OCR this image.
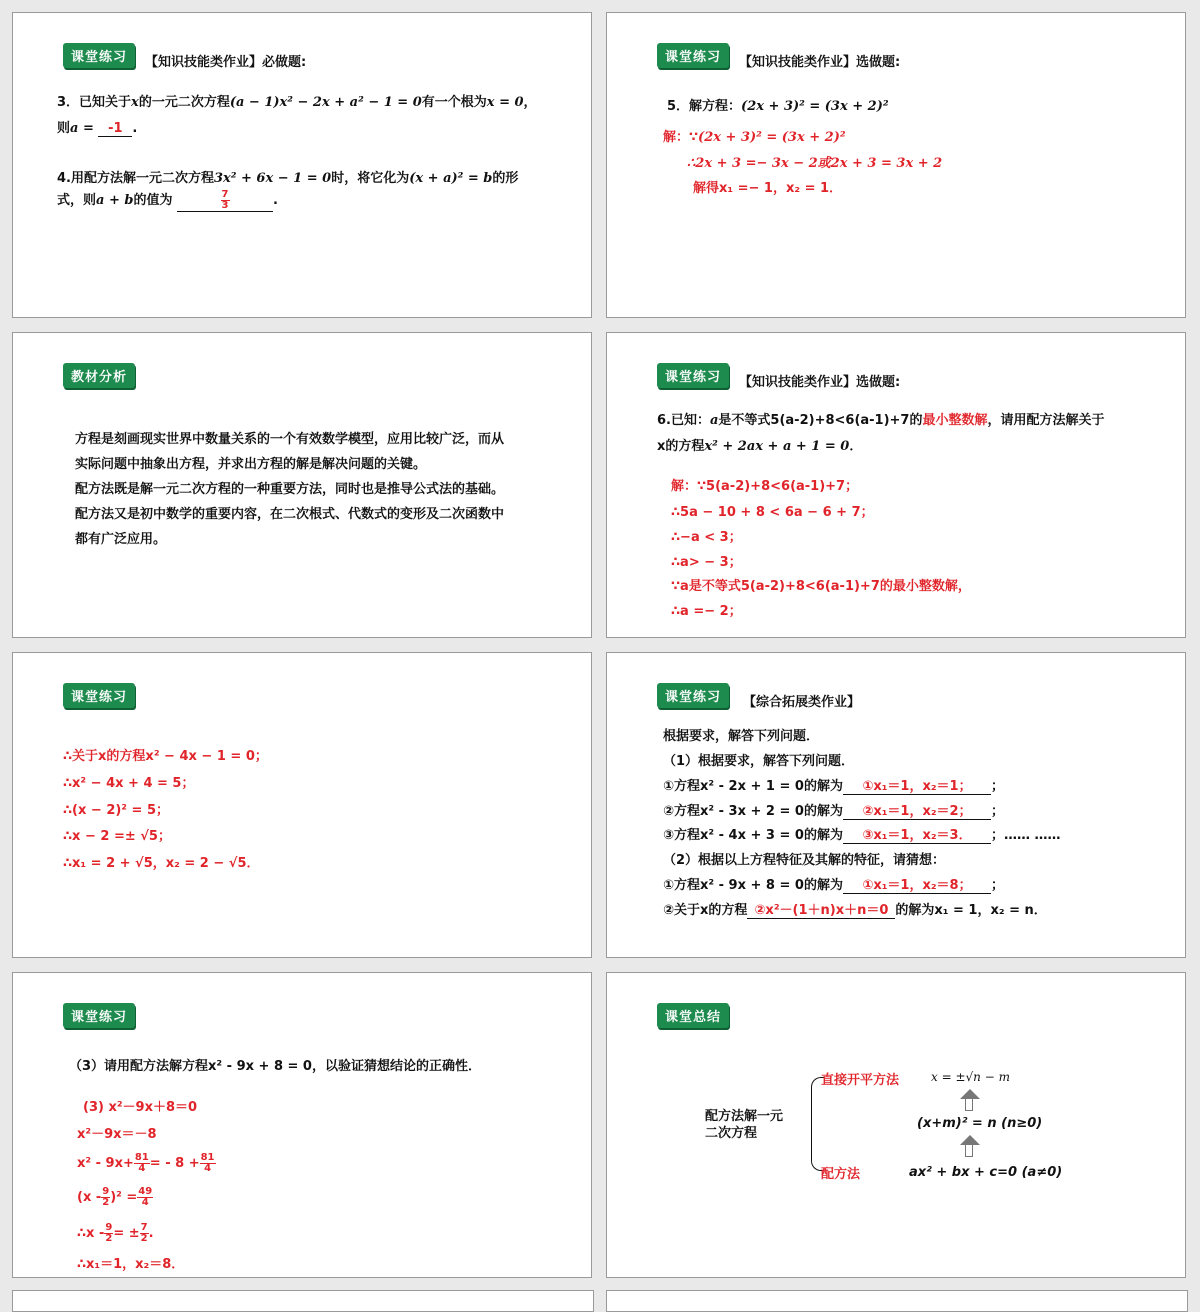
课堂练习	【知识技能类作业】必做题:
3．已知关于x的一元二次方程(a − 1)x² − 2x + a² − 1 = 0有一个根为x = 0，
则a = -1 .
4.用配方法解一元二次方程3x² + 6x − 1 = 0时，将它化为(x + a)² = b的形
式，则a + b的值为	$\frac{7}{3}$	.
课堂练习	【知识技能类作业】选做题:
5．解方程：(2x + 3)² = (3x + 2)²
解：∵(2x + 3)² = (3x + 2)²
∴2x + 3 =− 3x − 2或2x + 3 = 3x + 2
解得x₁ =− 1，x₂ = 1．
教材分析
方程是刻画现实世界中数量关系的一个有效数学模型，应用比较广泛，而从实际问题中抽象出方程，并求出方程的解是解决问题的关键。
配方法既是解一元二次方程的一种重要方法，同时也是推导公式法的基础。配方法又是初中数学的重要内容，在二次根式、代数式的变形及二次函数中都有广泛应用。
课堂练习	【知识技能类作业】选做题:
6.已知：a是不等式5(a-2)+8<6(a-1)+7的最小整数解，请用配方法解关于
x的方程x² + 2ax + a + 1 = 0．
解：∵5(a-2)+8<6(a-1)+7；
∴5a − 10 + 8 < 6a − 6 + 7；
∴−a < 3；
∴a> − 3；
∵a是不等式5(a-2)+8<6(a-1)+7的最小整数解，
∴a =− 2；
课堂练习
∴关于x的方程x² − 4x − 1 = 0；
∴x² − 4x + 4 = 5；
∴(x − 2)² = 5；
∴x − 2 =± √5；
∴x₁ = 2 + √5，x₂ = 2 − √5．
课堂练习	【综合拓展类作业】
根据要求，解答下列问题．
（1）根据要求，解答下列问题．
①方程x² - 2x + 1 = 0的解为 ①x₁＝1，x₂＝1； ；
②方程x² - 3x + 2 = 0的解为 ②x₁＝1，x₂＝2； ；
③方程x² - 4x + 3 = 0的解为 ③x₁＝1，x₂＝3． ；…… ……
（2）根据以上方程特征及其解的特征，请猜想：
①方程x² - 9x + 8 = 0的解为 ①x₁＝1，x₂＝8； ；
②关于x的方程 ②x²－(1＋n)x＋n＝0 的解为x₁ = 1，x₂ = n．
课堂练习
（3）请用配方法解方程x² - 9x + 8 = 0，以验证猜想结论的正确性．
(3) x²－9x＋8＝0
x²－9x＝－8
$x^2 - 9x+ \frac{81}{4}$ = - $8 + \frac{81}{4}$
$(x - \frac{9}{2} )^2 = \frac{49}{4}$
∴x - $\frac{9}{2}$ = ± $\frac{7}{2}$ .
∴x₁＝1，x₂＝8．
课堂总结
配方法解一元
二次方程
直接开平方法
配方法
x = ±√n − m
(x+m)² = n (n≥0)
ax² + bx + c=0 (a≠0)
